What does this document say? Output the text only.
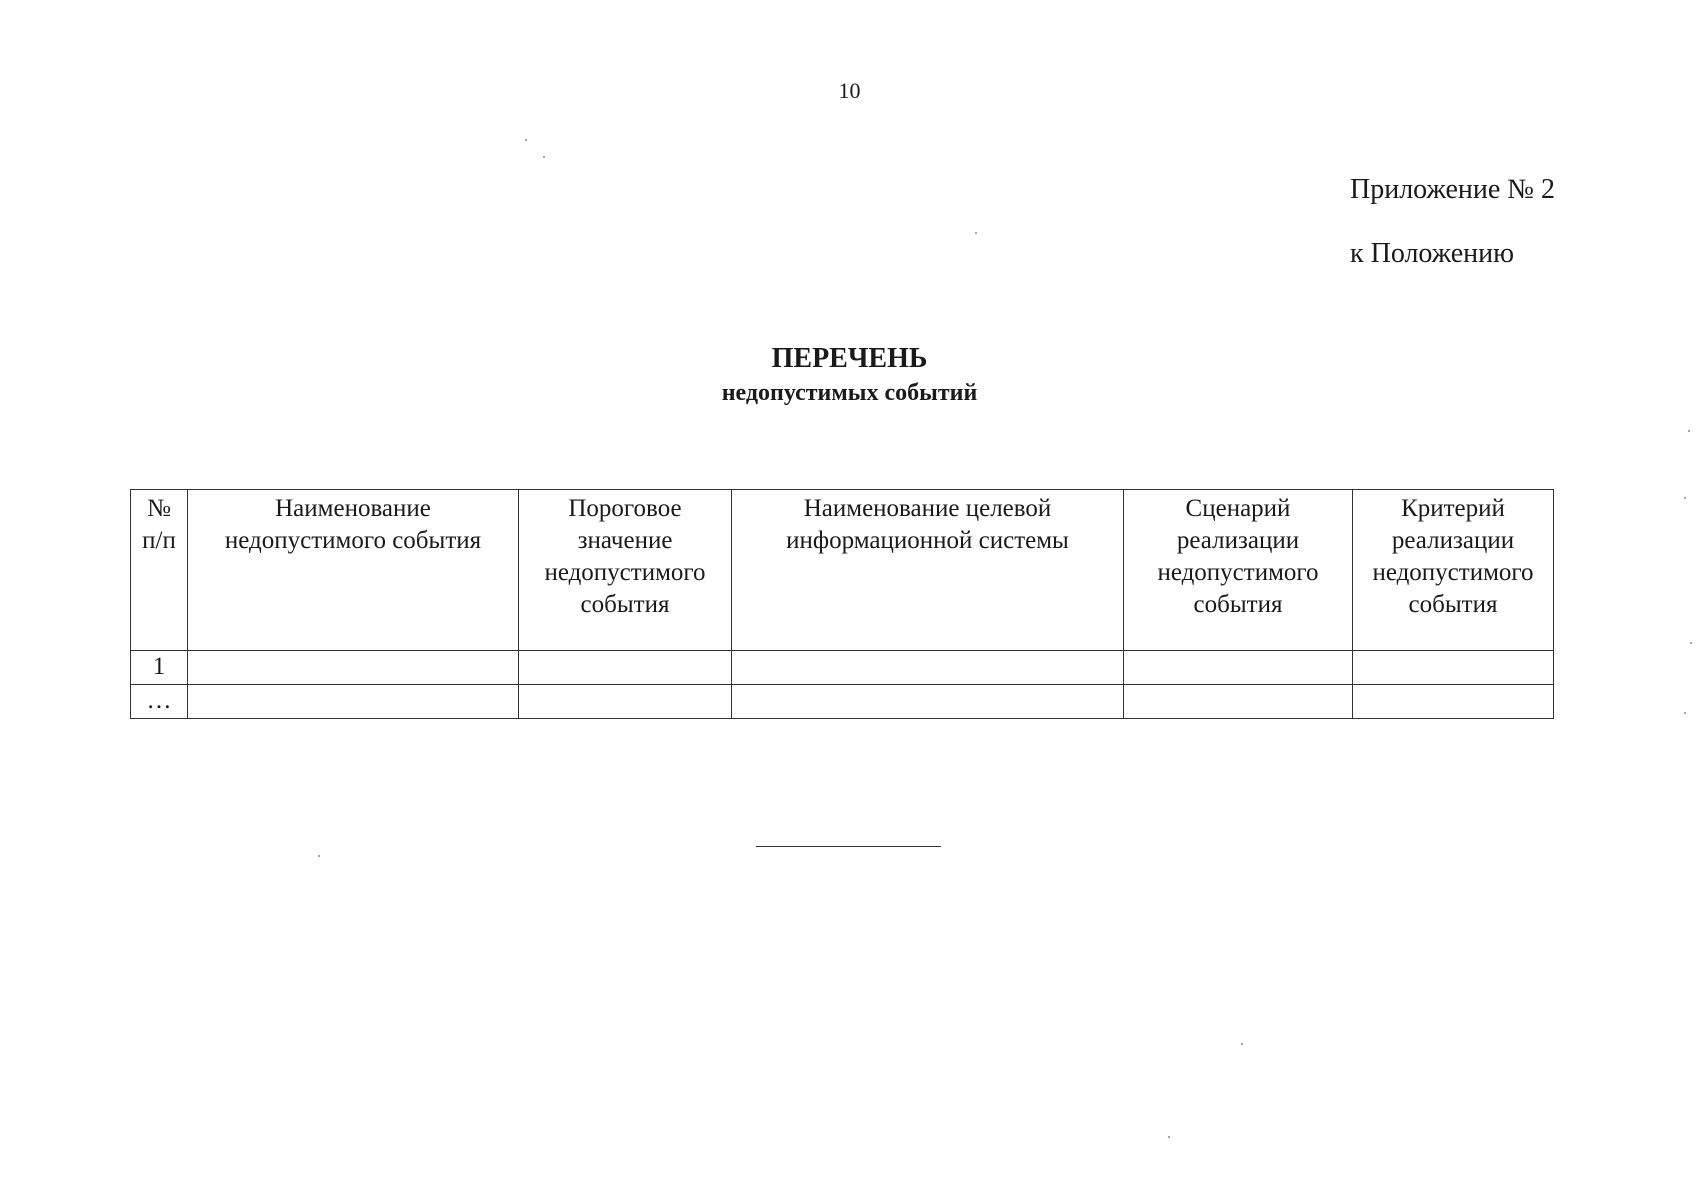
10
Приложение № 2
к Положению
ПЕРЕЧЕНЬ
недопустимых событий
№ п/п	Наименование недопустимого события	Пороговое значение недопустимого события	Наименование целевой информационной системы	Сценарий реализации недопустимого события	Критерий реализации недопустимого события
1					
…					
